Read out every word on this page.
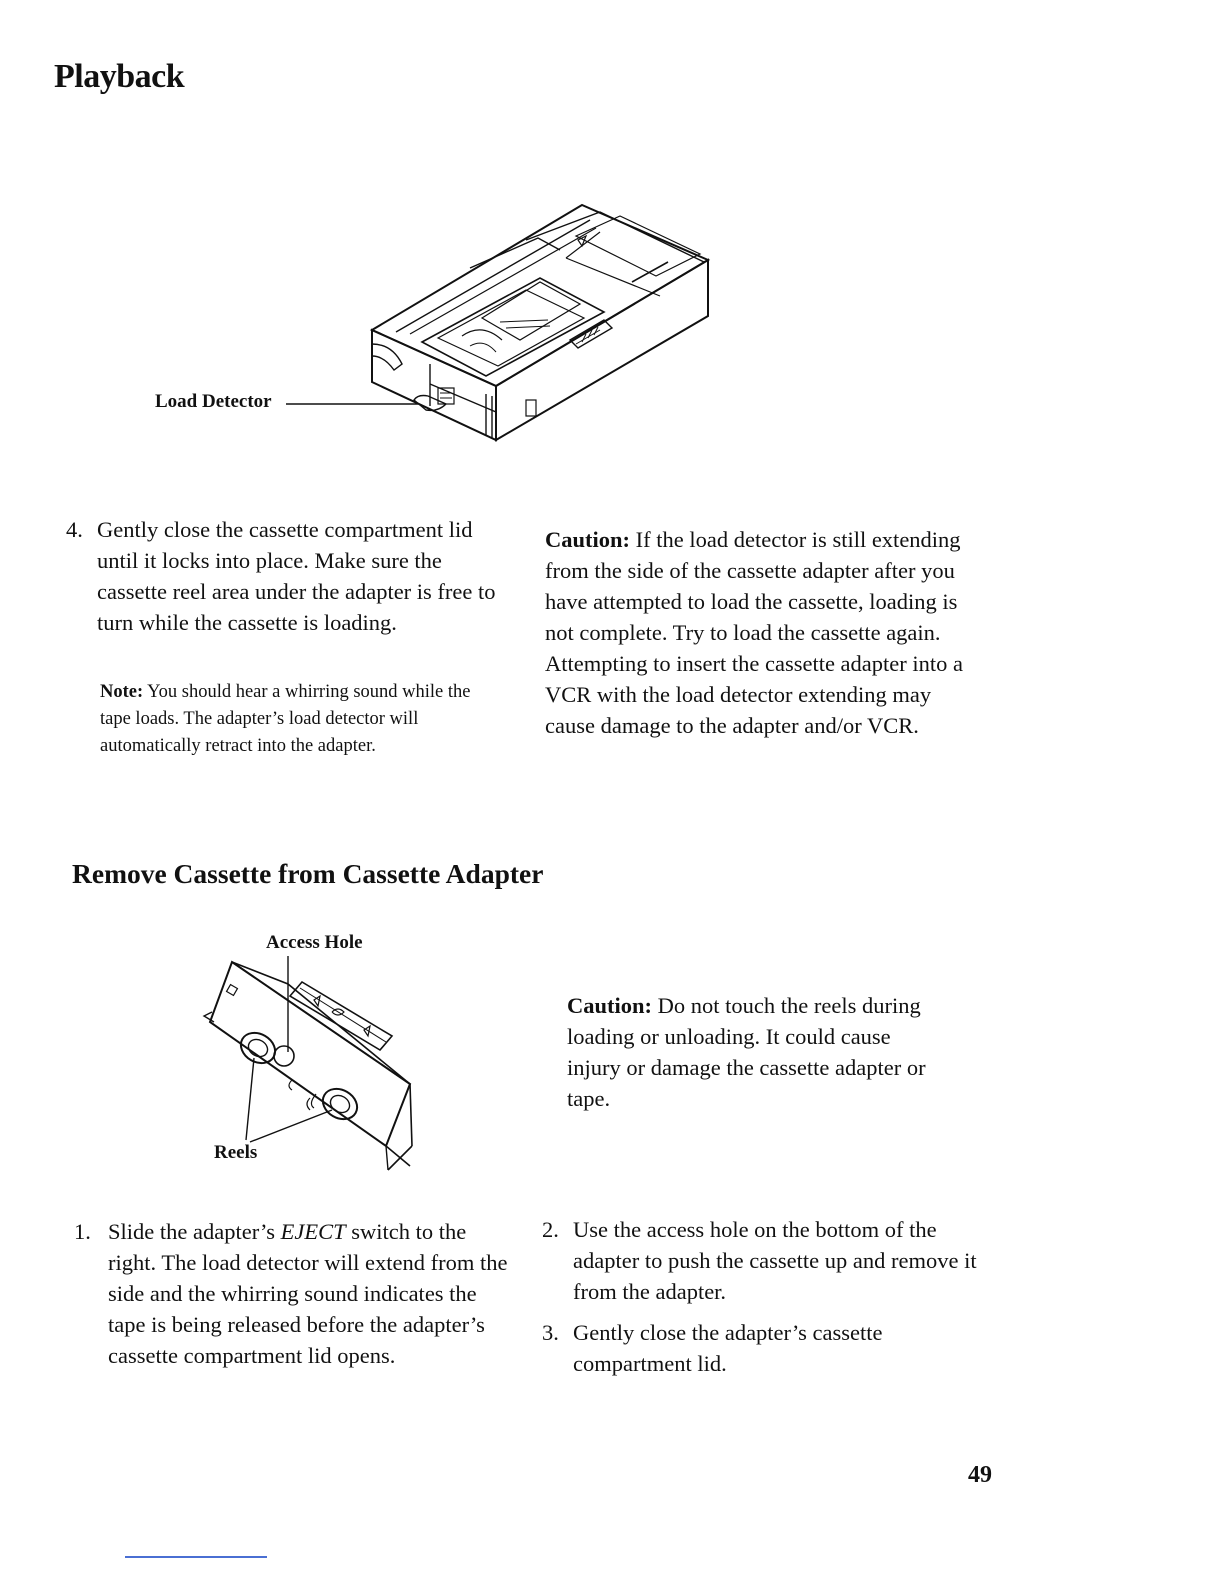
Playback
Load Detector
4. Gently close the cassette compartment lid until it locks into place. Make sure the cassette reel area under the adapter is free to turn while the cassette is loading.
Note: You should hear a whirring sound while the tape loads. The adapter’s load detector will automatically retract into the adapter.
Caution: If the load detector is still extending from the side of the cassette adapter after you have attempted to load the cassette, loading is not complete. Try to load the cassette again. Attempting to insert the cassette adapter into a VCR with the load detector extending may cause damage to the adapter and/or VCR.
Remove Cassette from Cassette Adapter
Access Hole
Reels
Caution: Do not touch the reels during loading or unloading. It could cause injury or damage the cassette adapter or tape.
1. Slide the adapter’s EJECT switch to the right. The load detector will extend from the side and the whirring sound indicates the tape is being released before the adapter’s cassette compartment lid opens.
2. Use the access hole on the bottom of the adapter to push the cassette up and remove it from the adapter.
3. Gently close the adapter’s cassette compartment lid.
49
